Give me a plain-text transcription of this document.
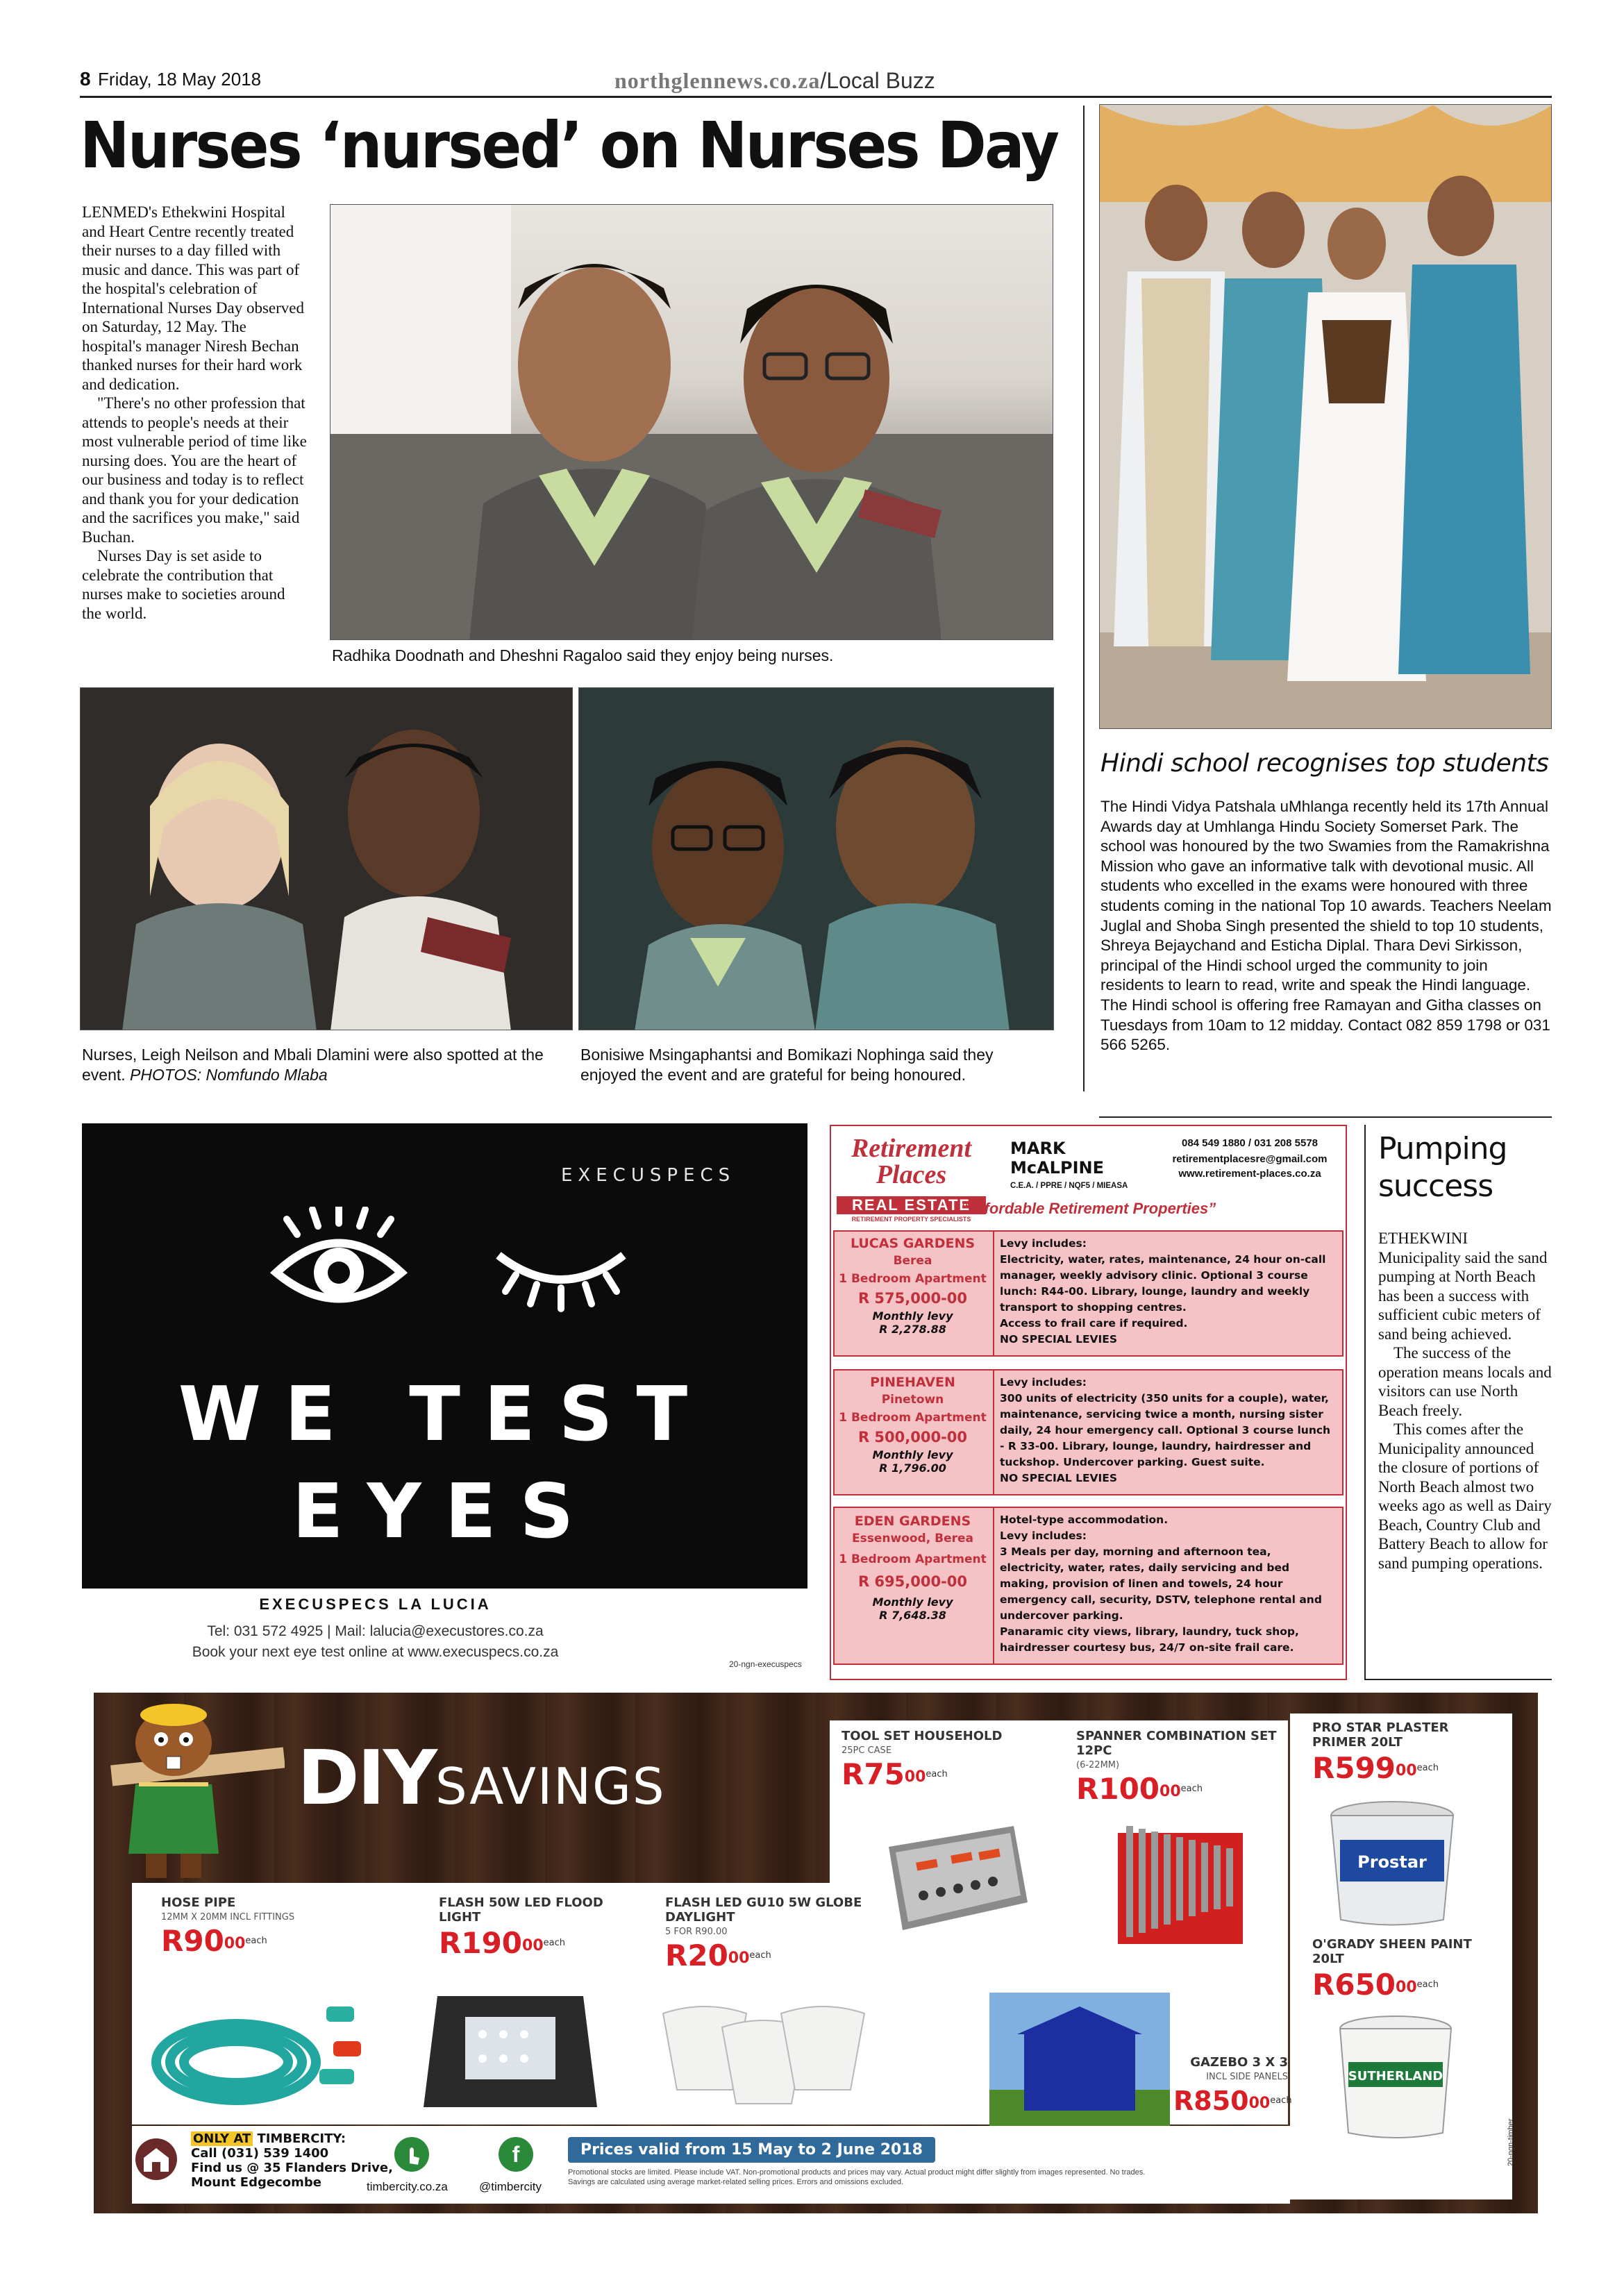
8 Friday, 18 May 2018	northglennews.co.za/Local Buzz
Nurses ‘nursed’ on Nurses Day

LENMED's Ethekwini Hospital and Heart Centre recently treated their nurses to a day filled with music and dance. This was part of the hospital's celebration of International Nurses Day observed on Saturday, 12 May. The hospital's manager Niresh Bechan thanked nurses for their hard work and dedication.

"There's no other profession that attends to people's needs at their most vulnerable period of time like nursing does. You are the heart of our business and today is to reflect and thank you for your dedication and the sacrifices you make," said Buchan.

Nurses Day is set aside to celebrate the contribution that nurses make to societies around the world.

Radhika Doodnath and Dheshni Ragaloo said they enjoy being nurses.
Nurses, Leigh Neilson and Mbali Dlamini were also spotted at the event. PHOTOS: Nomfundo Mlaba
Bonisiwe Msingaphantsi and Bomikazi Nophinga said they enjoyed the event and are grateful for being honoured.
Hindi school recognises top students
The Hindi Vidya Patshala uMhlanga recently held its 17th Annual Awards day at Umhlanga Hindu Society Somerset Park. The school was honoured by the two Swamies from the Ramakrishna Mission who gave an informative talk with devotional music. All students who excelled in the exams were honoured with three students coming in the national Top 10 awards. Teachers Neelam Juglal and Shoba Singh presented the shield to top 10 students, Shreya Bejaychand and Esticha Diplal. Thara Devi Sirkisson, principal of the Hindi school urged the community to join residents to learn to read, write and speak the Hindi language. The Hindi school is offering free Ramayan and Githa classes on Tuesdays from 10am to 12 midday. Contact 082 859 1798 or 031 566 5265.
EXECUSPECS
WE TEST
EYES
EXECUSPECS LA LUCIA
Tel: 031 572 4925 | Mail: lalucia@execustores.co.za
Book your next eye test online at www.execuspecs.co.za
20-ngn-execuspecs
Retirement Places
REAL ESTATE
RETIREMENT PROPERTY SPECIALISTS
MARK McALPINE
C.E.A. / PPRE / NQF5 / MIEASA
084 549 1880 / 031 208 5578
retirementplacesre@gmail.com
www.retirement-places.co.za
“Affordable Retirement Properties”
LUCAS GARDENS
Berea
1 Bedroom Apartment
R 575,000-00
Monthly levy
R 2,278.88
Levy includes:
Electricity, water, rates, maintenance, 24 hour on-call manager, weekly advisory clinic. Optional 3 course lunch: R44-00. Library, lounge, laundry and weekly transport to shopping centres.
Access to frail care if required.
NO SPECIAL LEVIES
PINEHAVEN
Pinetown
1 Bedroom Apartment
R 500,000-00
Monthly levy
R 1,796.00
Levy includes:
300 units of electricity (350 units for a couple), water, maintenance, servicing twice a month, nursing sister daily, 24 hour emergency call. Optional 3 course lunch - R 33-00. Library, lounge, laundry, hairdresser and tuckshop. Undercover parking. Guest suite.
NO SPECIAL LEVIES
EDEN GARDENS
Essenwood, Berea
1 Bedroom Apartment
R 695,000-00
Monthly levy
R 7,648.38
Hotel-type accommodation.
Levy includes:
3 Meals per day, morning and afternoon tea, electricity, water, rates, daily servicing and bed making, provision of linen and towels, 24 hour emergency call, security, DSTV, telephone rental and undercover parking.
Panaramic city views, library, laundry, tuck shop, hairdresser courtesy bus, 24/7 on-site frail care.
Pumping success

ETHEKWINI Municipality said the sand pumping at North Beach has been a success with sufficient cubic meters of sand being achieved.

The success of the operation means locals and visitors can use North Beach freely.

This comes after the Municipality announced the closure of portions of North Beach almost two weeks ago as well as Dairy Beach, Country Club and Battery Beach to allow for sand pumping operations.

DIYSAVINGS
TOOL SET HOUSEHOLD
25PC CASE
$R75^{00}each$
SPANNER COMBINATION SET 12PC
(6-22MM)
$R100^{00}each$
PRO STAR PLASTER PRIMER 20LT
$R599^{00}each$
Prostar
O'GRADY SHEEN PAINT 20LT
$R650^{00}each$
SUTHERLAND
HOSE PIPE
12MM X 20MM INCL FITTINGS
$R90^{00}each$
FLASH 50W LED FLOOD LIGHT
$R190^{00}each$
FLASH LED GU10 5W GLOBE DAYLIGHT
5 FOR R90.00
$R20^{00}each$
GAZEBO 3 X 3
INCL SIDE PANELS
$R850^{00}each$
ONLY AT TIMBERCITY:
Call (031) 539 1400
Find us @ 35 Flanders Drive,
Mount Edgecombe	timbercity.co.za
f
@timbercity
Prices valid from 15 May to 2 June 2018
Promotional stocks are limited. Please include VAT. Non-promotional products and prices may vary. Actual product might differ slightly from images represented. No trades. Savings are calculated using average market-related selling prices. Errors and omissions excluded.
20-ngn-timber
